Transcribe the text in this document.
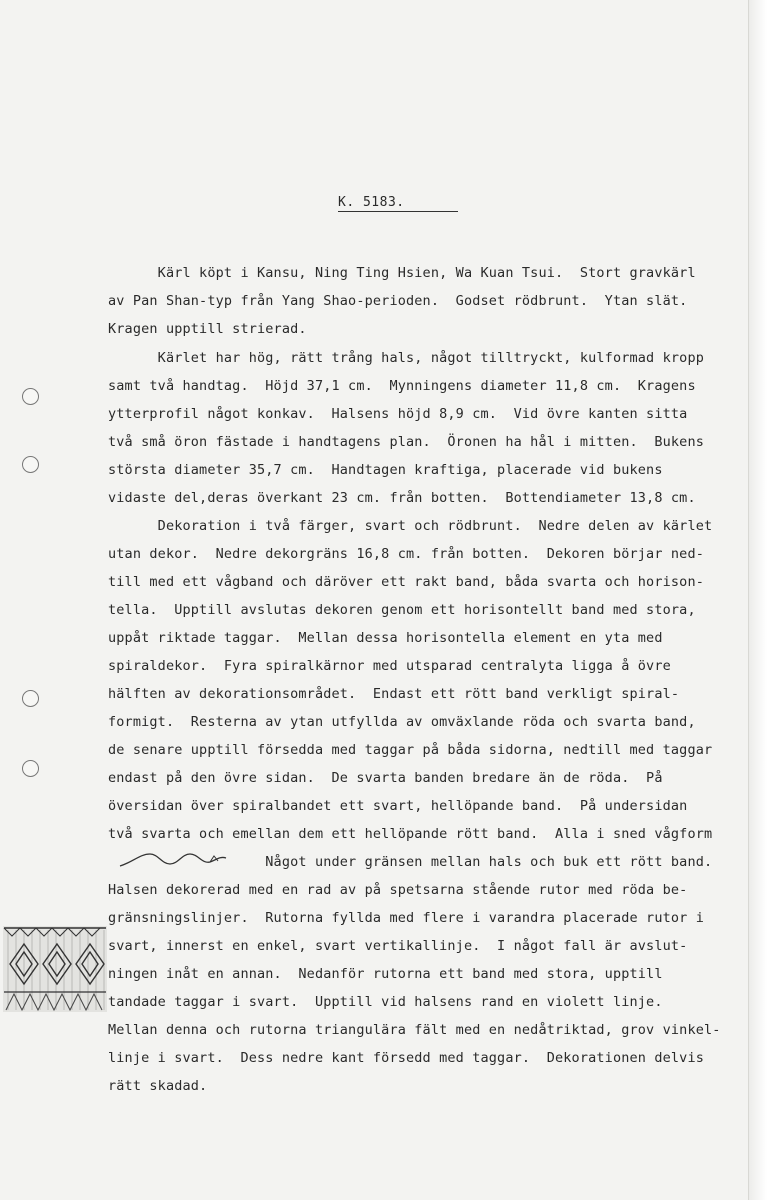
K. 5183.
Kärl köpt i Kansu, Ning Ting Hsien, Wa Kuan Tsui.  Stort gravkärl
av Pan Shan-typ från Yang Shao-perioden.  Godset rödbrunt.  Ytan slät.
Kragen upptill strierad.
Kärlet har hög, rätt trång hals, något tilltryckt, kulformad kropp
samt två handtag.  Höjd 37,1 cm.  Mynningens diameter 11,8 cm.  Kragens
ytterprofil något konkav.  Halsens höjd 8,9 cm.  Vid övre kanten sitta
två små öron fästade i handtagens plan.  Öronen ha hål i mitten.  Bukens
största diameter 35,7 cm.  Handtagen kraftiga, placerade vid bukens
vidaste del,deras överkant 23 cm. från botten.  Bottendiameter 13,8 cm.
Dekoration i två färger, svart och rödbrunt.  Nedre delen av kärlet
utan dekor.  Nedre dekorgräns 16,8 cm. från botten.  Dekoren börjar ned-
till med ett vågband och däröver ett rakt band, båda svarta och horison-
tella.  Upptill avslutas dekoren genom ett horisontellt band med stora,
uppåt riktade taggar.  Mellan dessa horisontella element en yta med
spiraldekor.  Fyra spiralkärnor med utsparad centralyta ligga å övre
hälften av dekorationsområdet.  Endast ett rött band verkligt spiral-
formigt.  Resterna av ytan utfyllda av omväxlande röda och svarta band,
de senare upptill försedda med taggar på båda sidorna, nedtill med taggar
endast på den övre sidan.  De svarta banden bredare än de röda.  På
översidan över spiralbandet ett svart, hellöpande band.  På undersidan
två svarta och emellan dem ett hellöpande rött band.  Alla i sned vågform
Något under gränsen mellan hals och buk ett rött band.
Halsen dekorerad med en rad av på spetsarna stående rutor med röda be-
gränsningslinjer.  Rutorna fyllda med flere i varandra placerade rutor i
svart, innerst en enkel, svart vertikallinje.  I något fall är avslut-
ningen inåt en annan.  Nedanför rutorna ett band med stora, upptill
tandade taggar i svart.  Upptill vid halsens rand en violett linje.
Mellan denna och rutorna triangulära fält med en nedåtriktad, grov vinkel-
linje i svart.  Dess nedre kant försedd med taggar.  Dekorationen delvis
rätt skadad.
